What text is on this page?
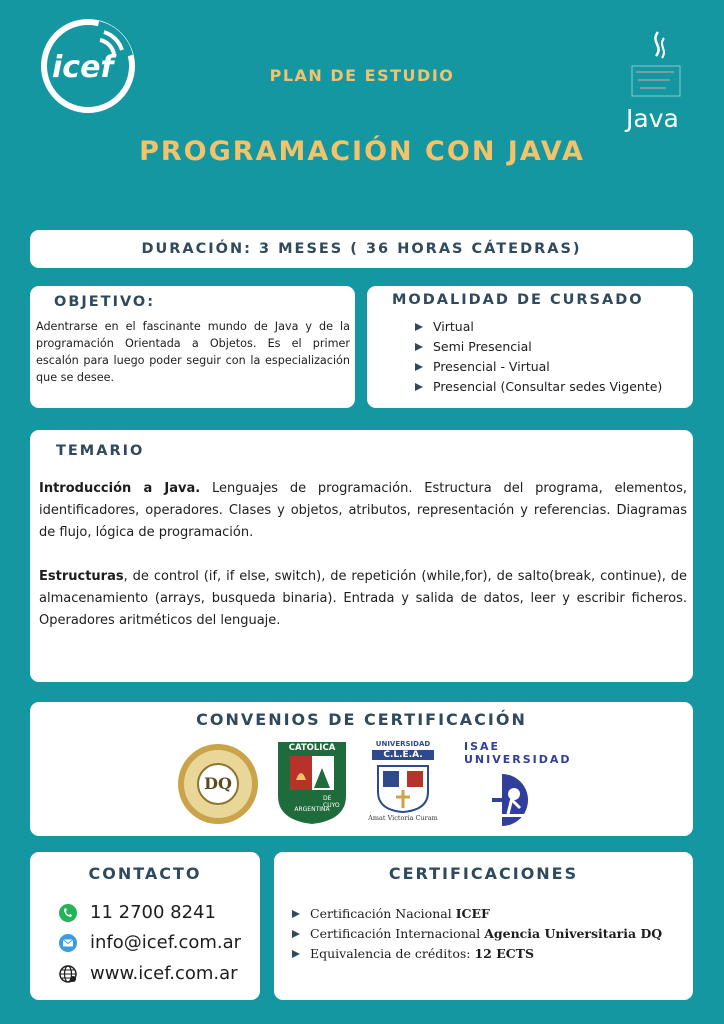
icef	PLAN DE ESTUDIO
PROGRAMACIÓN CON JAVA
Java
DURACIÓN: 3 MESES ( 36 HORAS CÁTEDRAS)
OBJETIVO:
Adentrarse en el fascinante mundo de Java y de la programación Orientada a Objetos. Es el primer escalón para luego poder seguir con la especialización que se desee.
MODALIDAD DE CURSADO
Virtual
Semi Presencial
Presencial - Virtual
Presencial (Consultar sedes Vigente)
TEMARIO
Introducción a Java. Lenguajes de programación. Estructura del programa, elementos, identificadores, operadores. Clases y objetos, atributos, representación y referencias. Diagramas de flujo, lógica de programación.
Estructuras, de control (if, if else, switch), de repetición (while,for), de salto(break, continue), de almacenamiento (arrays, busqueda binaria). Entrada y salida de datos, leer y escribir ficheros. Operadores aritméticos del lenguaje.
CONVENIOS DE CERTIFICACIÓN
DQ
CATOLICA
DE CUYO
ARGENTINA
UNIVERSIDAD
C.L.E.A.
Amat Victoria Curam
ISAE UNIVERSIDAD
CONTACTO
11 2700 8241
info@icef.com.ar
www.icef.com.ar
CERTIFICACIONES
Certificación Nacional ICEF
Certificación Internacional Agencia Universitaria DQ
Equivalencia de créditos: 12 ECTS
